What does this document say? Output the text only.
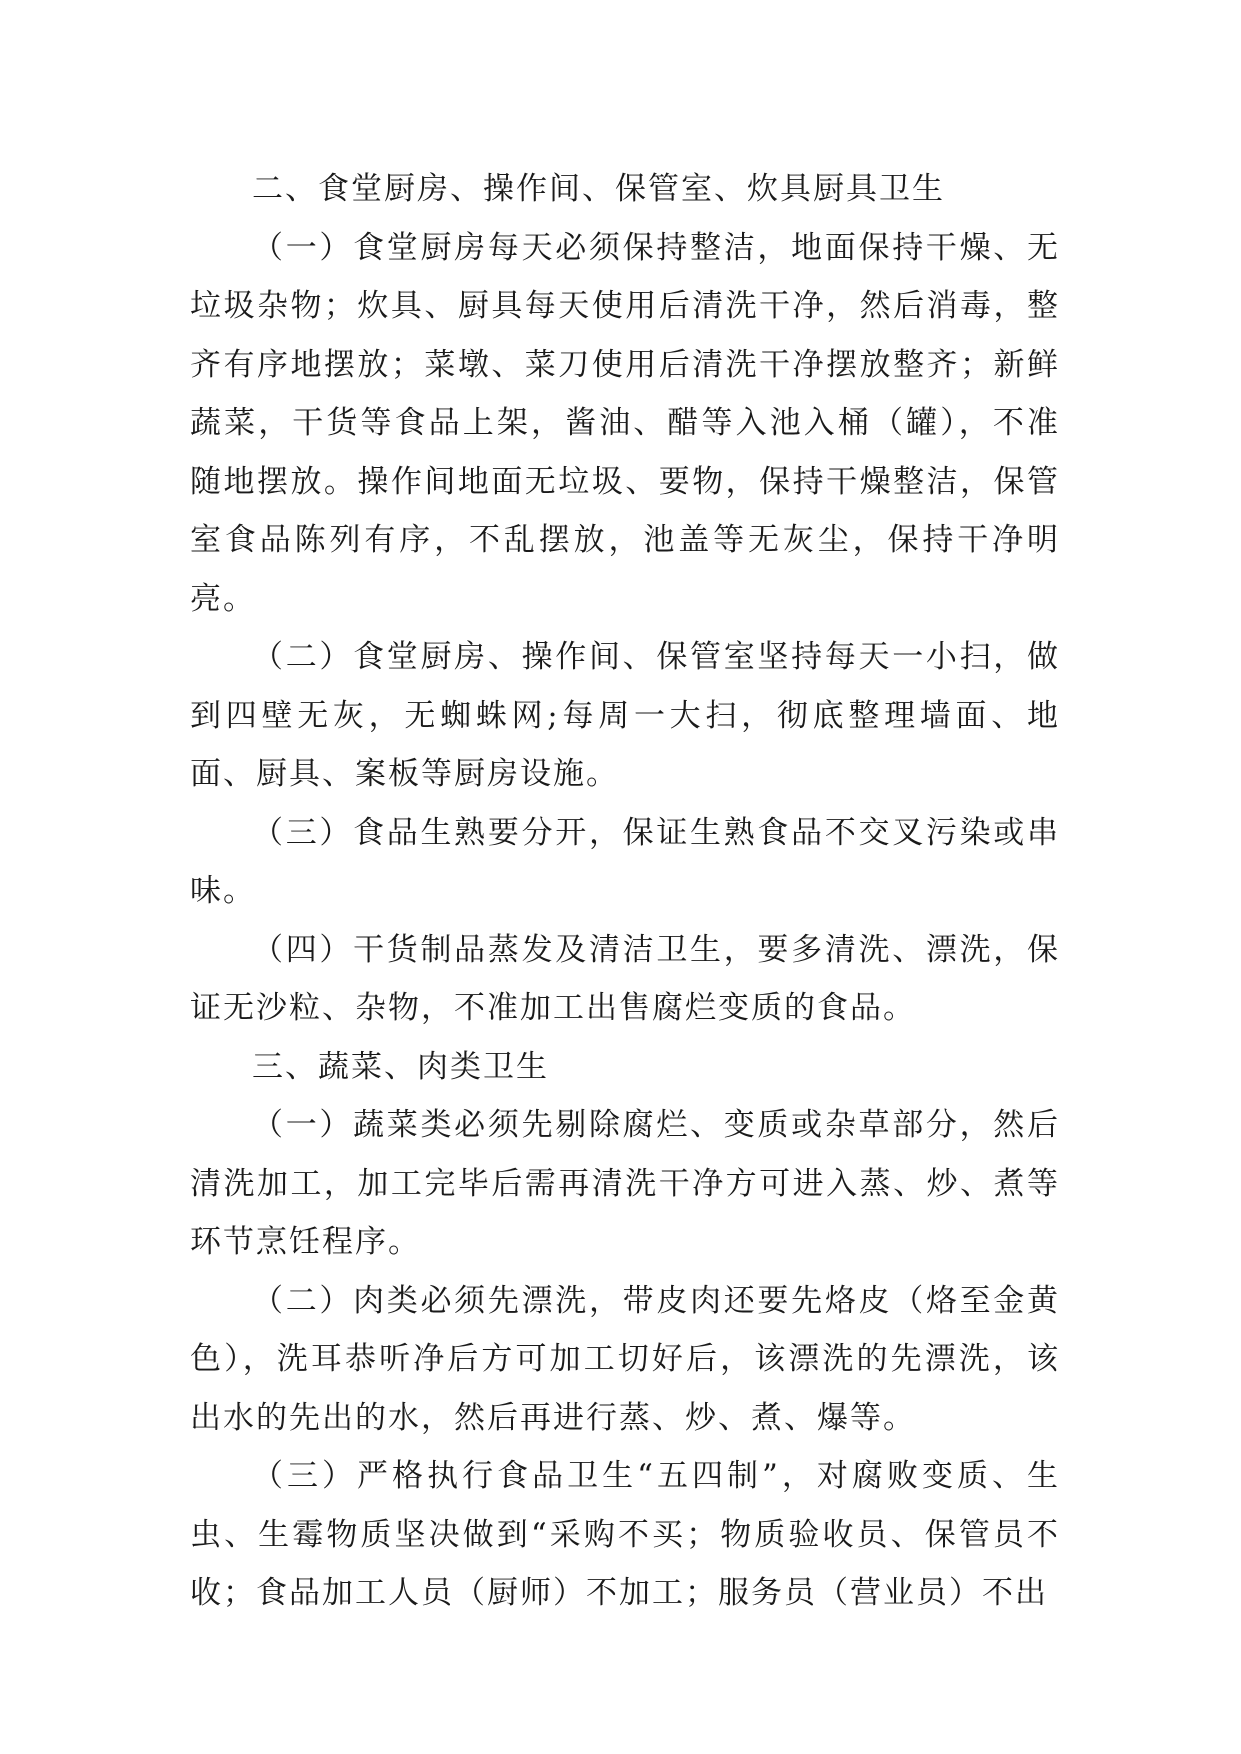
二、食堂厨房、操作间、保管室、炊具厨具卫生

（一）食堂厨房每天必须保持整洁，地面保持干燥、无垃圾杂物；炊具、厨具每天使用后清洗干净，然后消毒，整齐有序地摆放；菜墩、菜刀使用后清洗干净摆放整齐；新鲜蔬菜，干货等食品上架，酱油、醋等入池入桶（罐），不准随地摆放。操作间地面无垃圾、要物，保持干燥整洁，保管室食品陈列有序，不乱摆放，池盖等无灰尘，保持干净明亮。

（二）食堂厨房、操作间、保管室坚持每天一小扫，做到四壁无灰，无蜘蛛网;每周一大扫，彻底整理墙面、地面、厨具、案板等厨房设施。

（三）食品生熟要分开，保证生熟食品不交叉污染或串味。

（四）干货制品蒸发及清洁卫生，要多清洗、漂洗，保证无沙粒、杂物，不准加工出售腐烂变质的食品。

三、蔬菜、肉类卫生

（一）蔬菜类必须先剔除腐烂、变质或杂草部分，然后清洗加工，加工完毕后需再清洗干净方可进入蒸、炒、煮等环节烹饪程序。

（二）肉类必须先漂洗，带皮肉还要先烙皮（烙至金黄色），洗耳恭听净后方可加工切好后，该漂洗的先漂洗，该出水的先出的水，然后再进行蒸、炒、煮、爆等。

（三）严格执行食品卫生“五四制”，对腐败变质、生虫、生霉物质坚决做到“采购不买；物质验收员、保管员不收；食品加工人员（厨师）不加工；服务员（营业员）不出
